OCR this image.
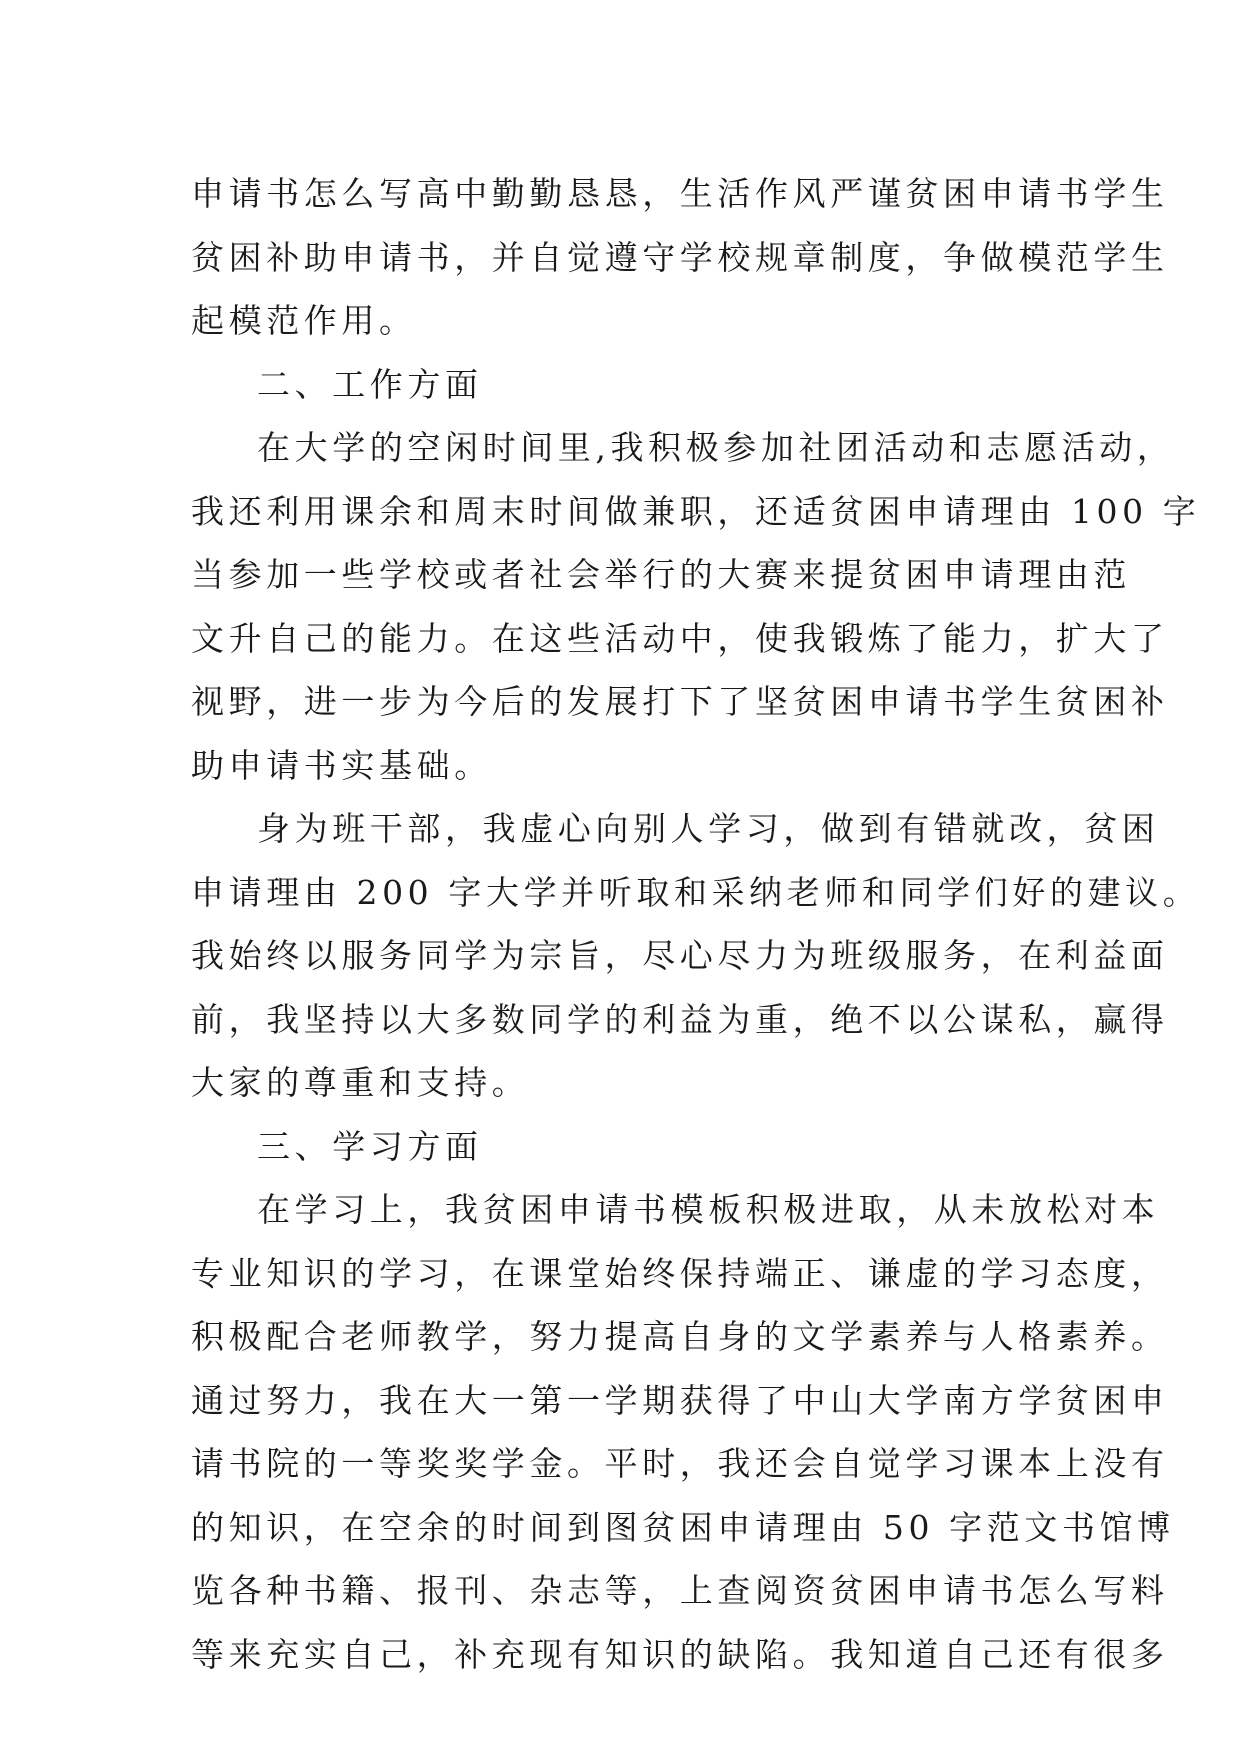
申请书怎么写高中勤勤恳恳，生活作风严谨贫困申请书学生
贫困补助申请书，并自觉遵守学校规章制度，争做模范学生
起模范作用。
二、工作方面
在大学的空闲时间里,我积极参加社团活动和志愿活动，
我还利用课余和周末时间做兼职，还适贫困申请理由 100 字
当参加一些学校或者社会举行的大赛来提贫困申请理由范
文升自己的能力。在这些活动中，使我锻炼了能力，扩大了
视野，进一步为今后的发展打下了坚贫困申请书学生贫困补
助申请书实基础。
身为班干部，我虚心向别人学习，做到有错就改，贫困
申请理由 200 字大学并听取和采纳老师和同学们好的建议。
我始终以服务同学为宗旨，尽心尽力为班级服务，在利益面
前，我坚持以大多数同学的利益为重，绝不以公谋私，赢得
大家的尊重和支持。
三、学习方面
在学习上，我贫困申请书模板积极进取，从未放松对本
专业知识的学习，在课堂始终保持端正、谦虚的学习态度，
积极配合老师教学，努力提高自身的文学素养与人格素养。
通过努力，我在大一第一学期获得了中山大学南方学贫困申
请书院的一等奖奖学金。平时，我还会自觉学习课本上没有
的知识，在空余的时间到图贫困申请理由 50 字范文书馆博
览各种书籍、报刊、杂志等，上查阅资贫困申请书怎么写料
等来充实自己，补充现有知识的缺陷。我知道自己还有很多
